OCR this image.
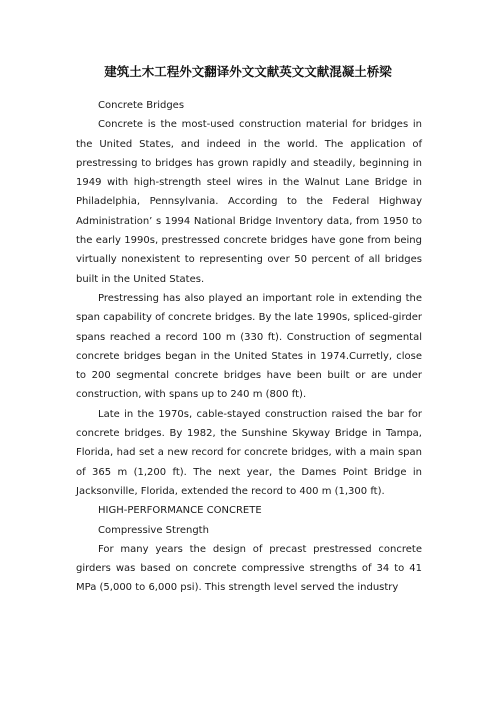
建筑土木工程外文翻译外文文献英文文献混凝土桥梁

Concrete Bridges

Concrete is the most-used construction material for bridges in the United States, and indeed in the world. The application of prestressing to bridges has grown rapidly and steadily, beginning in 1949 with high-strength steel wires in the Walnut Lane Bridge in Philadelphia, Pennsylvania. According to the Federal Highway Administration’ s 1994 National Bridge Inventory data, from 1950 to the early 1990s, prestressed concrete bridges have gone from being virtually nonexistent to representing over 50 percent of all bridges built in the United States.

Prestressing has also played an important role in extending the span capability of concrete bridges. By the late 1990s, spliced-girder spans reached a record 100 m (330 ft). Construction of segmental concrete bridges began in the United States in 1974.Curretly, close to 200 segmental concrete bridges have been built or are under construction, with spans up to 240 m (800 ft).

Late in the 1970s, cable-stayed construction raised the bar for concrete bridges. By 1982, the Sunshine Skyway Bridge in Tampa, Florida, had set a new record for concrete bridges, with a main span of 365 m (1,200 ft). The next year, the Dames Point Bridge in Jacksonville, Florida, extended the record to 400 m (1,300 ft).

HIGH-PERFORMANCE CONCRETE

Compressive Strength

For many years the design of precast prestressed concrete girders was based on concrete compressive strengths of 34 to 41 MPa (5,000 to 6,000 psi). This strength level served the industry
